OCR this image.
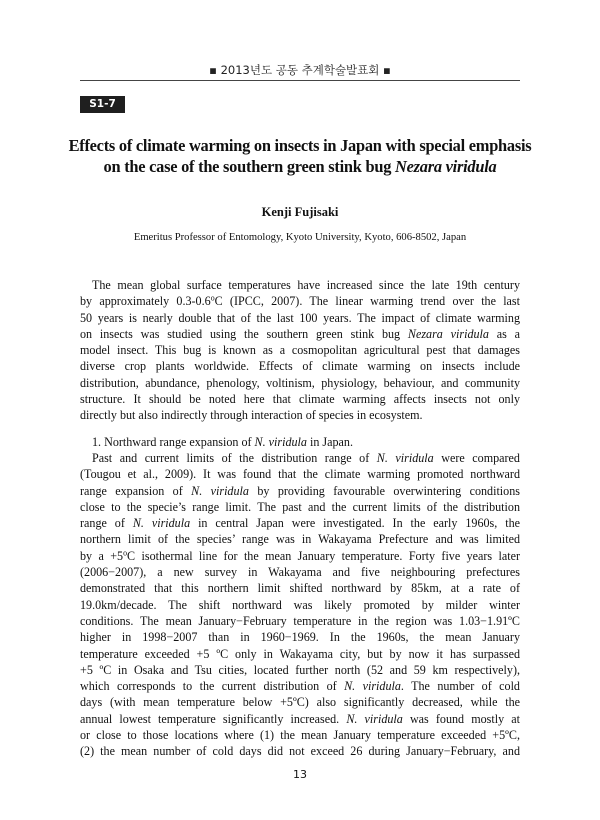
▪ 2013년도 공동 추계학술발표회 ▪
S1-7
Effects of climate warming on insects in Japan with special emphasis
on the case of the southern green stink bug Nezara viridula
Kenji Fujisaki
Emeritus Professor of Entomology, Kyoto University, Kyoto, 606-8502, Japan
The mean global surface temperatures have increased since the late 19th century
by approximately 0.3-0.6$^o$C (IPCC, 2007). The linear warming trend over the last
50 years is nearly double that of the last 100 years. The impact of climate warming
on insects was studied using the southern green stink bug Nezara viridula as a
model insect. This bug is known as a cosmopolitan agricultural pest that damages
diverse crop plants worldwide. Effects of climate warming on insects include
distribution, abundance, phenology, voltinism, physiology, behaviour, and community
structure. It should be noted here that climate warming affects insects not only
directly but also indirectly through interaction of species in ecosystem.
1. Northward range expansion of N. viridula in Japan.
Past and current limits of the distribution range of N. viridula were compared
(Tougou et al., 2009). It was found that the climate warming promoted northward
range expansion of N. viridula by providing favourable overwintering conditions
close to the specie’s range limit. The past and the current limits of the distribution
range of N. viridula in central Japan were investigated. In the early 1960s, the
northern limit of the species’ range was in Wakayama Prefecture and was limited
by $a +5^oC$ isothermal line for the mean January temperature. Forty five years later
(2006−2007), a new survey in Wakayama and five neighbouring prefectures
demonstrated that this northern limit shifted northward by 85km, at a rate of
19.0km/decade. The shift northward was likely promoted by milder winter
conditions. The mean January−February temperature in the region was 1.03−1.91ºC
higher in 1998−2007 than in 1960−1969. In the 1960s, the mean January
temperature exceeded +5 ºC only in Wakayama city, but by now it has surpassed
+5 ºC in Osaka and Tsu cities, located further north (52 and 59 km respectively),
which corresponds to the current distribution of N. viridula. The number of cold
days (with mean temperature below +5ºC) also significantly decreased, while the
annual lowest temperature significantly increased. N. viridula was found mostly at
or close to those locations where (1) the mean January temperature exceeded +5ºC,
(2) the mean number of cold days did not exceed 26 during January−February, and
13
